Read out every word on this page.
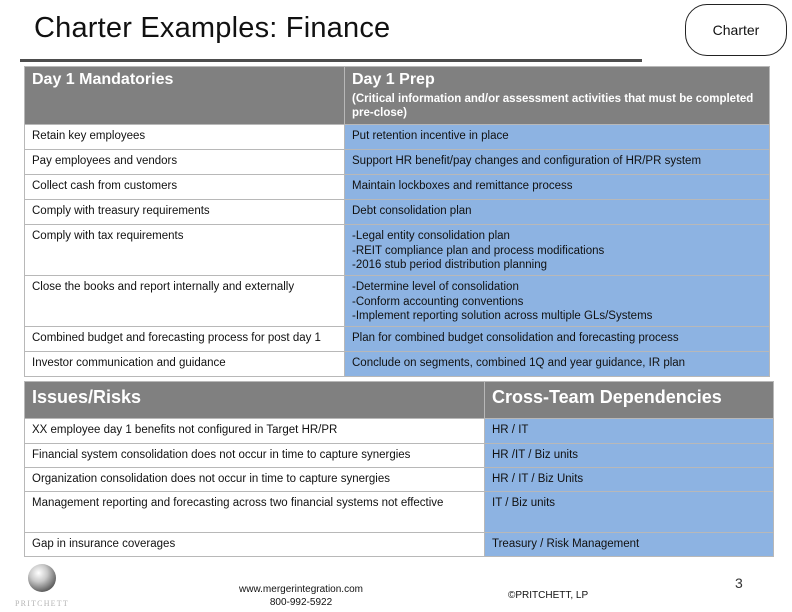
Charter Examples: Finance	Charter
Day 1 Mandatories	Day 1 Prep
(Critical information and/or assessment activities that must be completed pre-close)

Retain key employees	Put retention incentive in place
Pay employees and vendors	Support HR benefit/pay changes and configuration of HR/PR system
Collect cash from customers	Maintain lockboxes and remittance process
Comply with treasury requirements	Debt consolidation plan
Comply with tax requirements	-Legal entity consolidation plan
-REIT compliance plan and process modifications
-2016 stub period distribution planning

Close the books and report internally and externally	-Determine level of consolidation
-Conform accounting conventions
-Implement reporting solution across multiple GLs/Systems

Combined budget and forecasting process for post day 1	Plan for combined budget consolidation and forecasting process
Investor communication and guidance	Conclude on segments, combined 1Q and year guidance, IR plan
Issues/Risks	Cross-Team Dependencies
XX employee day 1 benefits not configured in Target HR/PR	HR / IT
Financial system consolidation does not occur in time to capture synergies	HR /IT / Biz units
Organization consolidation does not occur in time to capture synergies	HR / IT / Biz Units
Management reporting and forecasting across two financial systems not effective	IT / Biz units
Gap in insurance coverages	Treasury / Risk Management
PRITCHETT
www.mergerintegration.com
800-992-5922
©PRITCHETT, LP
3
